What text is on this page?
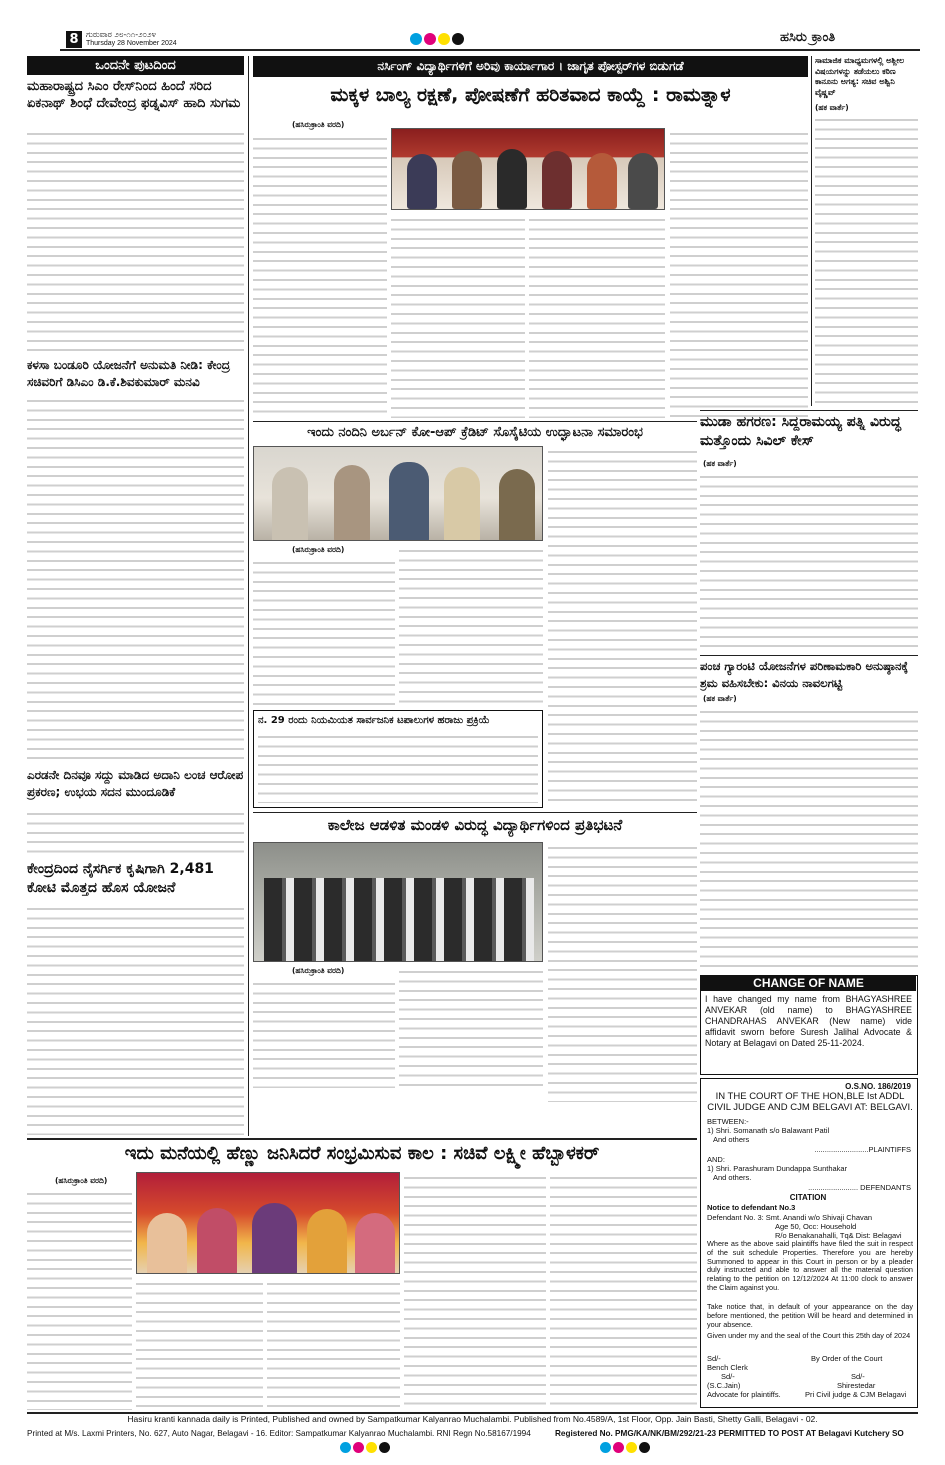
8 ಗುರುವಾರ ೨೮-೧೧-೨೦೨೪
Thursday 28 November 2024	ಹಸಿರು ಕ್ರಾಂತಿ
ಒಂದನೇ ಪುಟದಿಂದ
ಮಹಾರಾಷ್ಟ್ರದ ಸಿಎಂ ರೇಸ್‌ನಿಂದ ಹಿಂದೆ ಸರಿದ ಏಕನಾಥ್ ಶಿಂಧೆ ದೇವೇಂದ್ರ ಫಡ್ನವಿಸ್ ಹಾದಿ ಸುಗಮ
ಕಳಸಾ ಬಂಡೂರಿ ಯೋಜನೆಗೆ ಅನುಮತಿ ನೀಡಿ: ಕೇಂದ್ರ ಸಚಿವರಿಗೆ ಡಿಸಿಎಂ ಡಿ.ಕೆ.ಶಿವಕುಮಾರ್ ಮನವಿ
ಎರಡನೇ ದಿನವೂ ಸದ್ದು ಮಾಡಿದ ಅದಾನಿ ಲಂಚ ಆರೋಪ ಪ್ರಕರಣ; ಉಭಯ ಸದನ ಮುಂದೂಡಿಕೆ
ಕೇಂದ್ರದಿಂದ ನೈಸರ್ಗಿಕ ಕೃಷಿಗಾಗಿ 2,481 ಕೋಟಿ ಮೊತ್ತದ ಹೊಸ ಯೋಜನೆ
ನರ್ಸಿಂಗ್ ವಿದ್ಯಾರ್ಥಿಗಳಿಗೆ ಅರಿವು ಕಾರ್ಯಾಗಾರ । ಜಾಗೃತ ಪೋಸ್ಟರ್‌ಗಳ ಬಿಡುಗಡೆ
ಮಕ್ಕಳ ಬಾಲ್ಯ ರಕ್ಷಣೆ, ಪೋಷಣೆಗೆ ಹರಿತವಾದ ಕಾಯ್ದೆ : ರಾಮತ್ನಾಳ
(ಹಸಿರುಕ್ರಾಂತಿ ವರದಿ)
ಸಾಮಾಜಿಕ ಮಾಧ್ಯಮಗಳಲ್ಲಿ ಅಶ್ಲೀಲ ವಿಷಯಗಳನ್ನು ತಡೆಯಲು ಕಠಿಣ ಕಾನೂನು ಅಗತ್ಯ: ಸಚಿವ ಅಶ್ವಿನಿ ವೈಷ್ಣವ್
(ಹಕ ವಾರ್ತೆ)
ಮುಡಾ ಹಗರಣ: ಸಿದ್ದರಾಮಯ್ಯ ಪತ್ನಿ ವಿರುದ್ಧ ಮತ್ತೊಂದು ಸಿವಿಲ್ ಕೇಸ್
(ಹಕ ವಾರ್ತೆ)
ಪಂಚ ಗ್ಯಾರಂಟಿ ಯೋಜನೆಗಳ ಪರಿಣಾಮಕಾರಿ ಅನುಷ್ಠಾನಕ್ಕೆ ಶ್ರಮ ವಹಿಸಬೇಕು: ವಿನಯ ನಾವಲಗಟ್ಟಿ
(ಹಕ ವಾರ್ತೆ)
ಇಂದು ನಂದಿನಿ ಅರ್ಬನ್ ಕೋ-ಆಪ್ ಕ್ರೆಡಿಟ್ ಸೊಸೈಟಿಯ ಉದ್ಘಾಟನಾ ಸಮಾರಂಭ
(ಹಸಿರುಕ್ರಾಂತಿ ವರದಿ)
ನ. 29 ರಂದು ನಿಯಮಿಯತ ಸಾರ್ವಜನಿಕ ಟಪಾಲುಗಳ ಹರಾಜು ಪ್ರಕ್ರಿಯೆ
ಕಾಲೇಜ ಆಡಳಿತ ಮಂಡಳಿ ವಿರುದ್ಧ ವಿದ್ಯಾರ್ಥಿಗಳಿಂದ ಪ್ರತಿಭಟನೆ
(ಹಸಿರುಕ್ರಾಂತಿ ವರದಿ)
CHANGE OF NAME
I have changed my name from BHAGYASHREE ANVEKAR (old name) to BHAGYASHREE CHANDRAHAS ANVEKAR (New name) vide affidavit sworn before Suresh Jalihal Advocate & Notary at Belagavi on Dated 25-11-2024.
O.S.NO. 186/2019
IN THE COURT OF THE HON,BLE Ist ADDL CIVIL JUDGE AND CJM BELGAVI AT: BELGAVI.
BETWEEN:-
1) Shri. Somanath s/o Balawant Patil
And others
..........................PLAINTIFFS
AND:
1) Shri. Parashuram Dundappa Sunthakar
And others.
........................ DEFENDANTS
CITATION
Notice to defendant No.3
Defendant No. 3: Smt. Anandi w/o Shivaji Chavan
Age 50, Occ: Household
R/o Benakanahalli, Tq& Dist: Belagavi
Where as the above said plaintiffs have filed the suit in respect of the suit schedule Properties. Therefore you are hereby Summoned to appear in this Court in person or by a pleader duly instructed and able to answer all the material question relating to the petition on 12/12/2024 At 11:00 clock to answer the Claim against you.
Take notice that, in default of your appearance on the day before mentioned, the petition Will be heard and determined in your absence.
Given under my and the seal of the Court this 25th day of 2024
By Order of the Court
Sd/-
Bench Clerk
Sd/-
(S.C.Jain)
Advocate for plaintiffs.
Sd/-
Shirestedar
Pri Civil judge & CJM Belagavi
ಇದು ಮನೆಯಲ್ಲಿ ಹೆಣ್ಣು ಜನಿಸಿದರೆ ಸಂಭ್ರಮಿಸುವ ಕಾಲ : ಸಚಿವೆ ಲಕ್ಷ್ಮೀ ಹೆಬ್ಬಾಳಕರ್
(ಹಸಿರುಕ್ರಾಂತಿ ವರದಿ)
Hasiru kranti kannada daily is Printed, Published and owned by Sampatkumar Kalyanrao Muchalambi. Published from No.4589/A, 1st Floor, Opp. Jain Basti, Shetty Galli, Belagavi - 02.
Printed at M/s. Laxmi Printers, No. 627, Auto Nagar, Belagavi - 16. Editor: Sampatkumar Kalyanrao Muchalambi. RNI Regn No.58167/1994	Registered No. PMG/KA/NK/BM/292/21-23 PERMITTED TO POST AT Belagavi Kutchery SO
